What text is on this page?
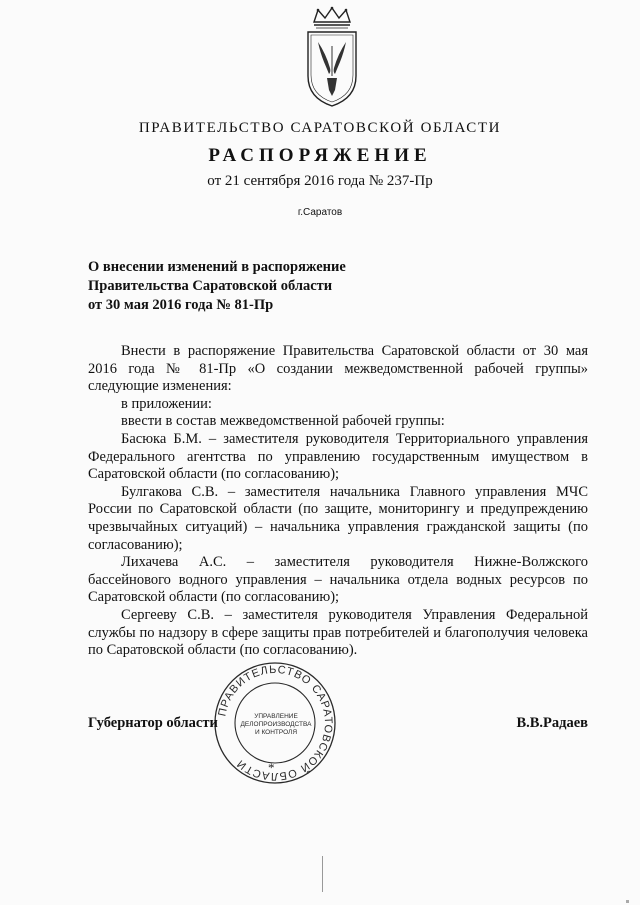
ПРАВИТЕЛЬСТВО САРАТОВСКОЙ ОБЛАСТИ
РАСПОРЯЖЕНИЕ
от 21 сентября 2016 года № 237-Пр
г.Саратов
О внесении изменений в распоряжение
Правительства Саратовской области
от 30 мая 2016 года № 81-Пр

Внести в распоряжение Правительства Саратовской области от 30 мая 2016 года № 81-Пр «О создании межведомственной рабочей группы» следующие изменения:

в приложении:

ввести в состав межведомственной рабочей группы:

Басюка Б.М. – заместителя руководителя Территориального управления Федерального агентства по управлению государственным имуществом в Саратовской области (по согласованию);

Булгакова С.В. – заместителя начальника Главного управления МЧС России по Саратовской области (по защите, мониторингу и предупреждению чрезвычайных ситуаций) – начальника управления гражданской защиты (по согласованию);

Лихачева А.С. – заместителя руководителя Нижне-Волжского бассейнового водного управления – начальника отдела водных ресурсов по Саратовской области (по согласованию);

Сергееву С.В. – заместителя руководителя Управления Федеральной службы по надзору в сфере защиты прав потребителей и благополучия человека по Саратовской области (по согласованию).

ПРАВИТЕЛЬСТВО САРАТОВСКОЙ ОБЛАСТИ
УПРАВЛЕНИЕ
ДЕЛОПРОИЗВОДСТВА
И КОНТРОЛЯ
*
Губернатор области	В.В.Радаев
